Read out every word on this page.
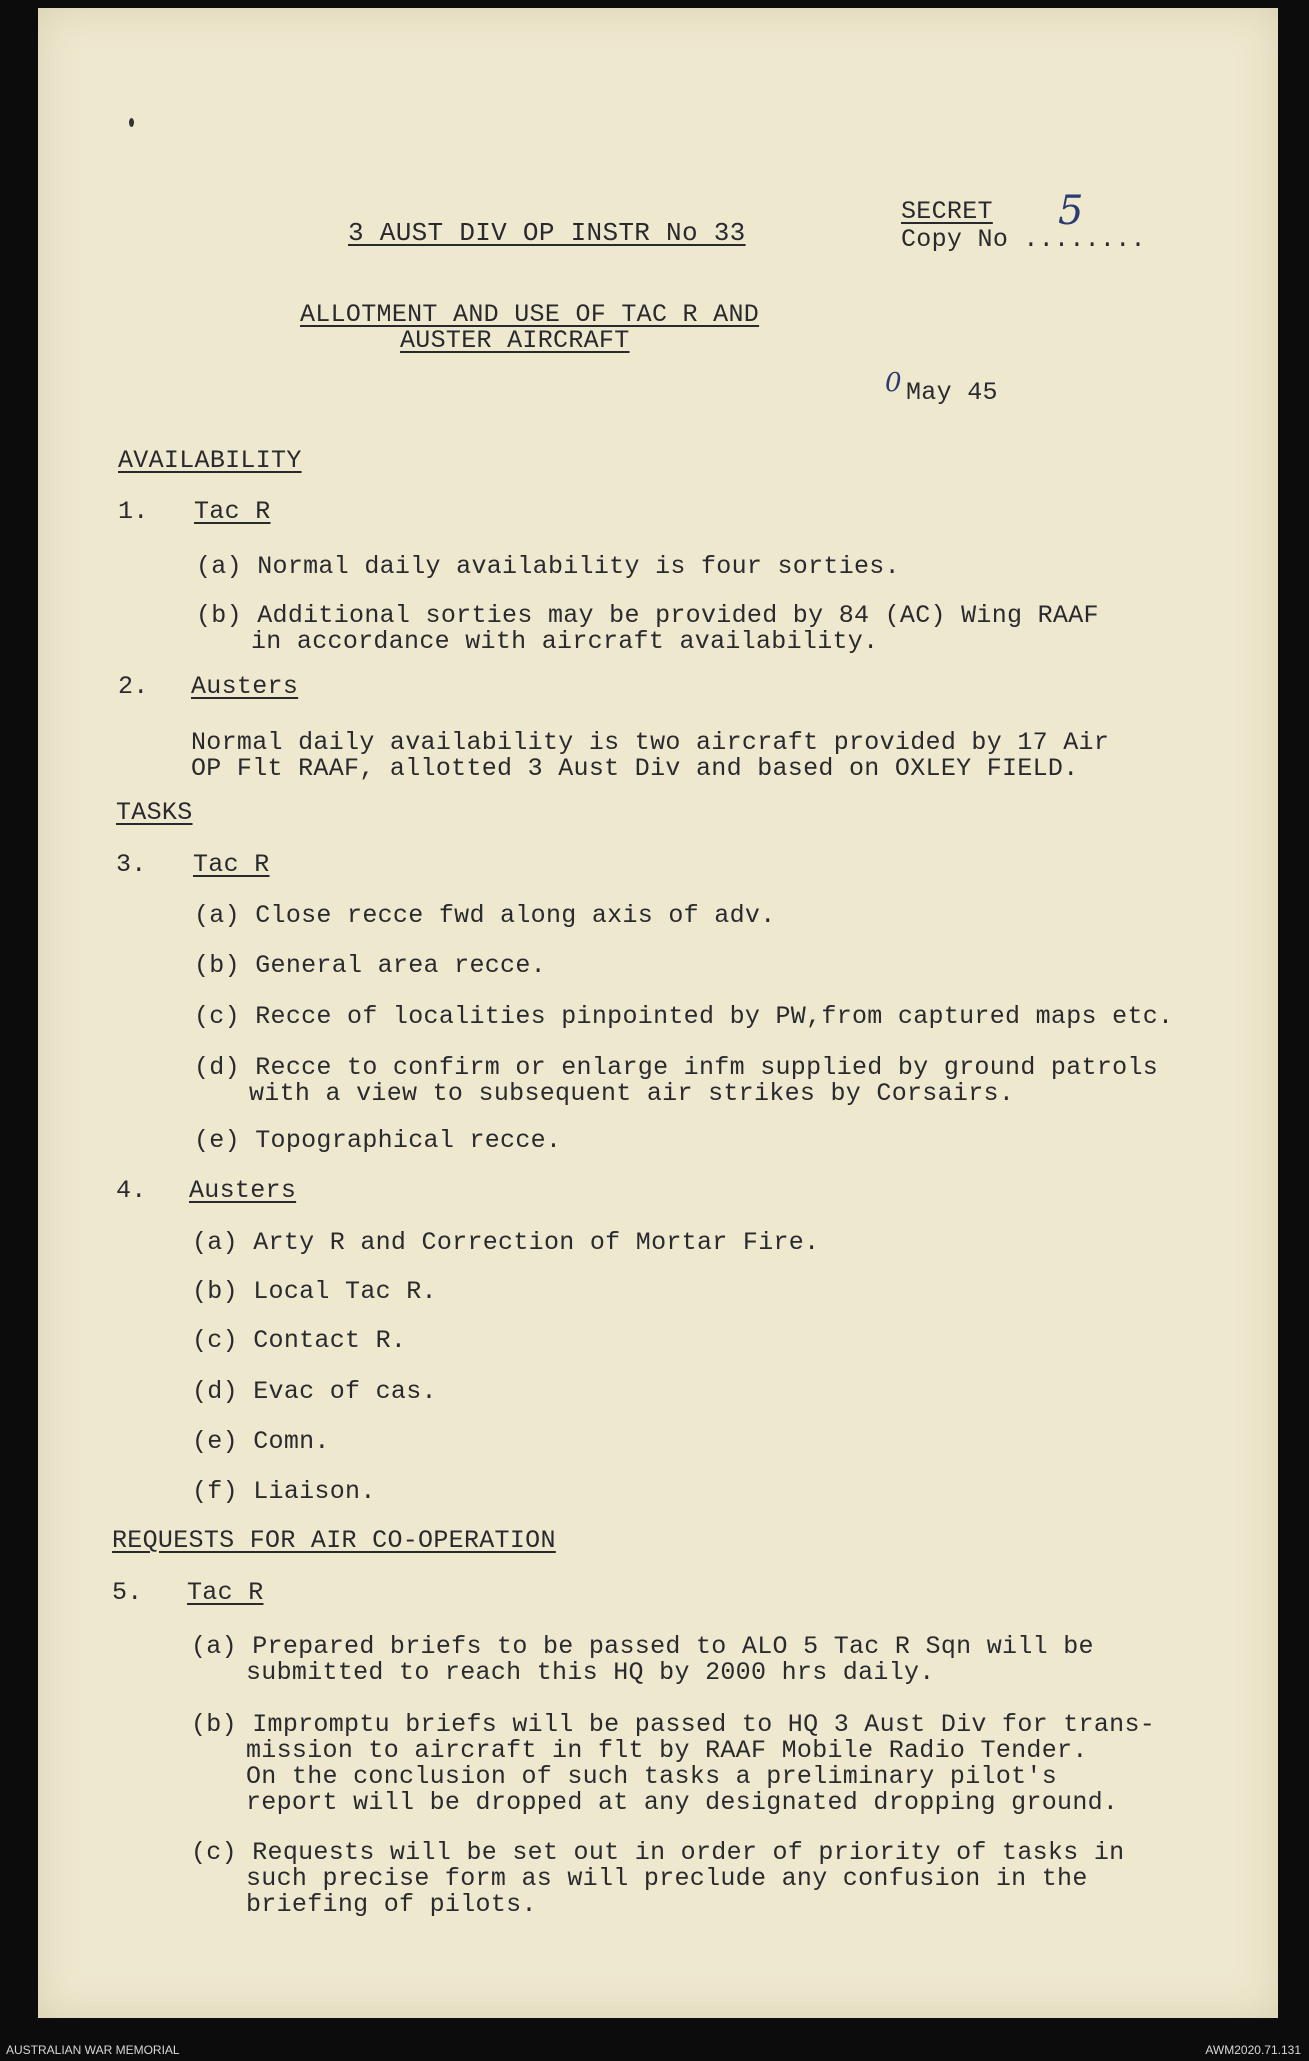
3 AUST DIV OP INSTR No 33
SECRET
Copy No ........
5
ALLOTMENT AND USE OF TAC R AND
AUSTER AIRCRAFT
0 May 45
AVAILABILITY
1. Tac R
(a) Normal daily availability is four sorties.
(b) Additional sorties may be provided by 84 (AC) Wing RAAF
in accordance with aircraft availability.
2. Austers
Normal daily availability is two aircraft provided by 17 Air
OP Flt RAAF, allotted 3 Aust Div and based on OXLEY FIELD.
TASKS
3. Tac R
(a) Close recce fwd along axis of adv.
(b) General area recce.
(c) Recce of localities pinpointed by PW,from captured maps etc.
(d) Recce to confirm or enlarge infm supplied by ground patrols
with a view to subsequent air strikes by Corsairs.
(e) Topographical recce.
4. Austers
(a) Arty R and Correction of Mortar Fire.
(b) Local Tac R.
(c) Contact R.
(d) Evac of cas.
(e) Comn.
(f) Liaison.
REQUESTS FOR AIR CO-OPERATION
5. Tac R
(a) Prepared briefs to be passed to ALO 5 Tac R Sqn will be
submitted to reach this HQ by 2000 hrs daily.
(b) Impromptu briefs will be passed to HQ 3 Aust Div for trans-
mission to aircraft in flt by RAAF Mobile Radio Tender.
On the conclusion of such tasks a preliminary pilot's
report will be dropped at any designated dropping ground.
(c) Requests will be set out in order of priority of tasks in
such precise form as will preclude any confusion in the
briefing of pilots.
AUSTRALIAN WAR MEMORIAL	AWM2020.71.131
